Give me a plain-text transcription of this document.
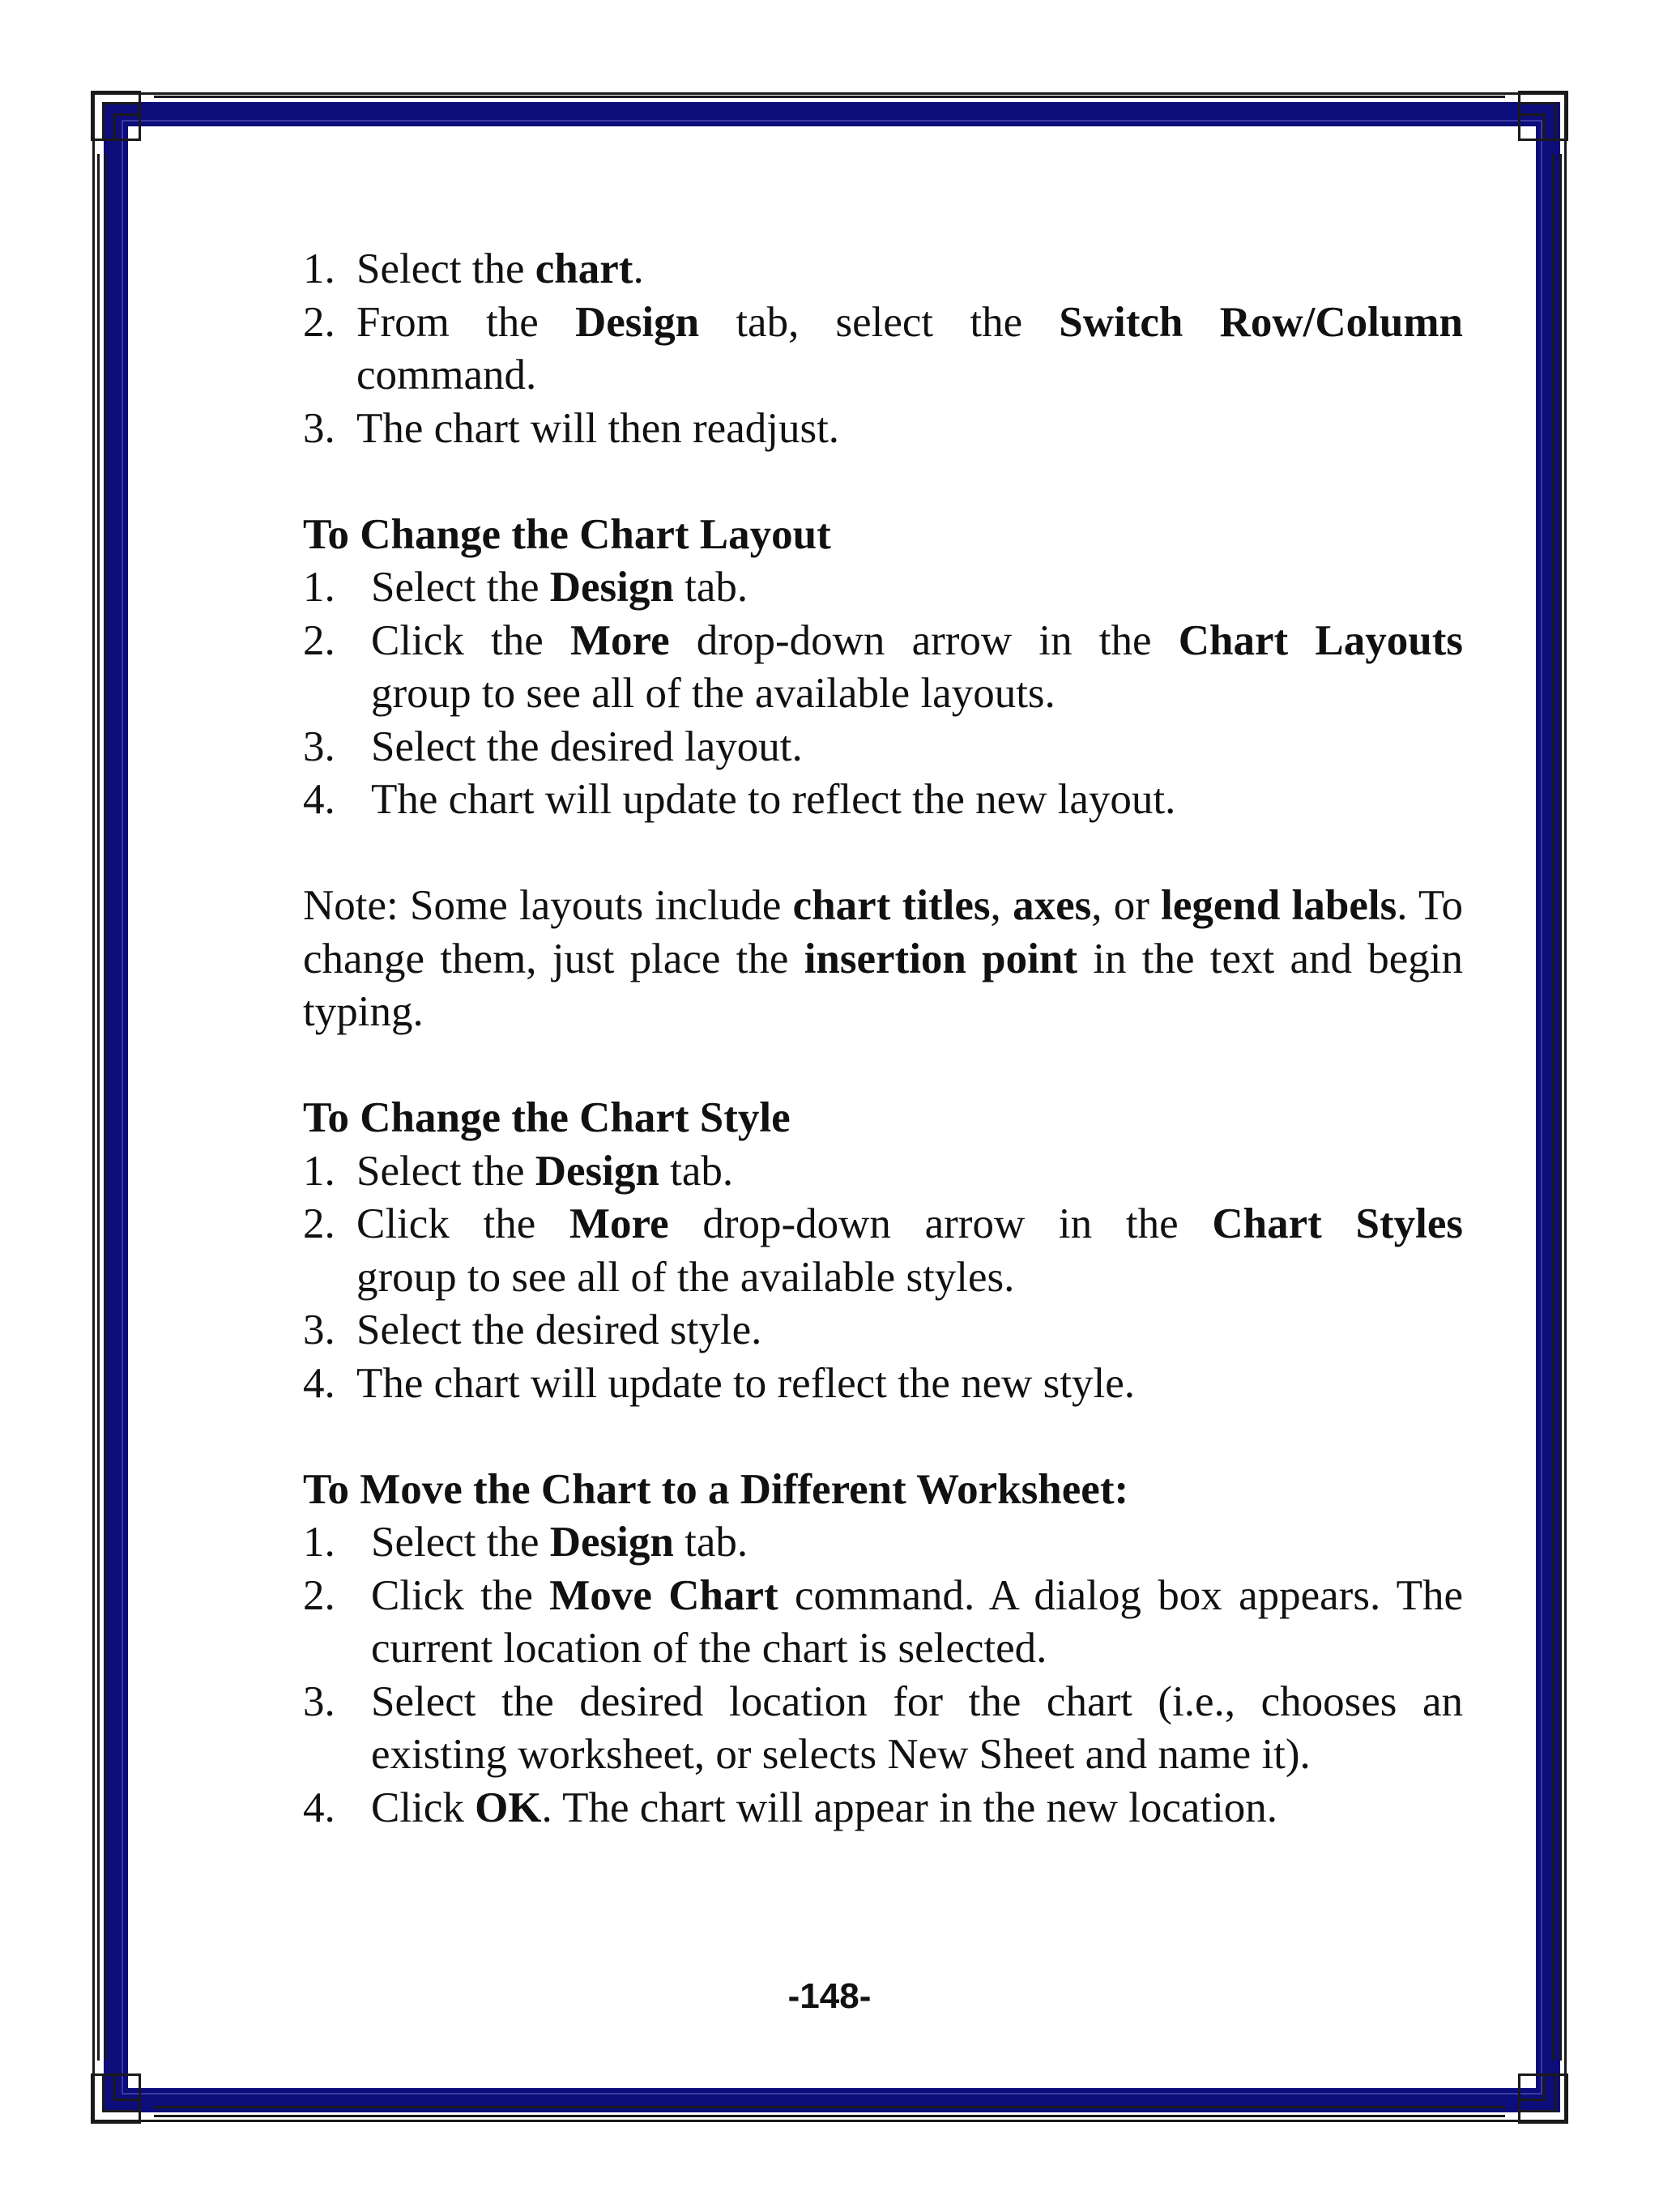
1. Select the chart.
2. From the Design tab, select the Switch Row/Column
command.
3. The chart will then readjust.
To Change the Chart Layout
1. Select the Design tab.
2. Click the More drop-down arrow in the Chart Layouts
group to see all of the available layouts.
3. Select the desired layout.
4. The chart will update to reflect the new layout.
Note: Some layouts include chart titles, axes, or legend labels. To change them, just place the insertion point in the text and begin typing.
To Change the Chart Style
1. Select the Design tab.
2. Click the More drop-down arrow in the Chart Styles
group to see all of the available styles.
3. Select the desired style.
4. The chart will update to reflect the new style.
To Move the Chart to a Different Worksheet:
1. Select the Design tab.
2. Click the Move Chart command. A dialog box appears. The current location of the chart is selected.
3. Select the desired location for the chart (i.e., chooses an existing worksheet, or selects New Sheet and name it).
4. Click OK. The chart will appear in the new location.
-148-
